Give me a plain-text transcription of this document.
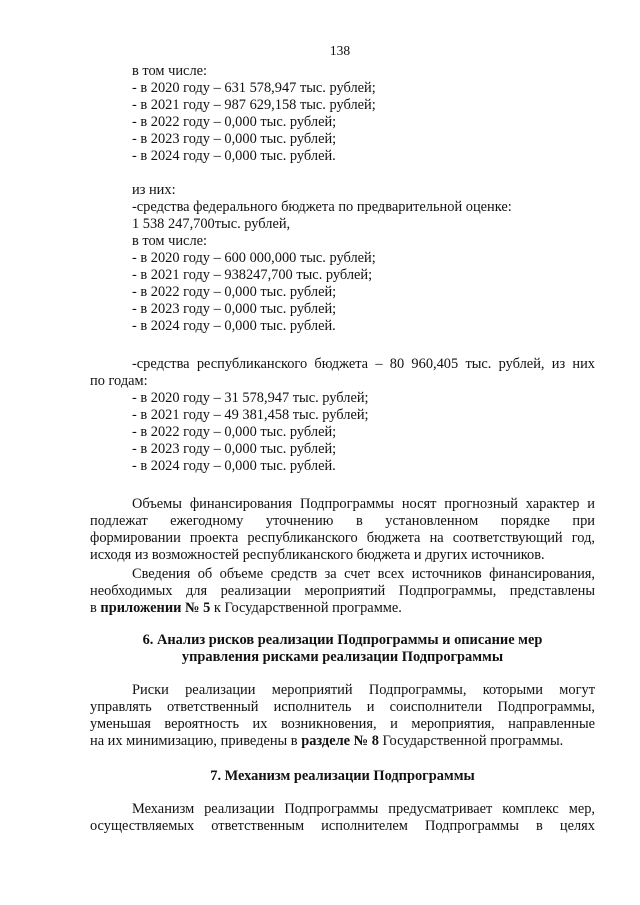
138
в том числе:
- в 2020 году – 631 578,947 тыс. рублей;
- в 2021 году – 987 629,158 тыс. рублей;
- в 2022 году – 0,000 тыс. рублей;
- в 2023 году – 0,000 тыс. рублей;
- в 2024 году – 0,000 тыс. рублей.
из них:
-средства федерального бюджета по предварительной оценке:
1 538 247,700тыс. рублей,
в том числе:
- в 2020 году – 600 000,000 тыс. рублей;
- в 2021 году – 938247,700 тыс. рублей;
- в 2022 году – 0,000 тыс. рублей;
- в 2023 году – 0,000 тыс. рублей;
- в 2024 году – 0,000 тыс. рублей.
-средства республиканского бюджета – 80 960,405 тыс. рублей, из них
по годам:
- в 2020 году – 31 578,947 тыс. рублей;
- в 2021 году – 49 381,458 тыс. рублей;
- в 2022 году – 0,000 тыс. рублей;
- в 2023 году – 0,000 тыс. рублей;
- в 2024 году – 0,000 тыс. рублей.
Объемы финансирования Подпрограммы носят прогнозный характер и
подлежат ежегодному уточнению в установленном порядке при
формировании проекта республиканского бюджета на соответствующий год,
исходя из возможностей республиканского бюджета и других источников.
Сведения об объеме средств за счет всех источников финансирования,
необходимых для реализации мероприятий Подпрограммы, представлены
в приложении № 5 к Государственной программе.
6. Анализ рисков реализации Подпрограммы и описание мер
управления рисками реализации Подпрограммы
Риски реализации мероприятий Подпрограммы, которыми могут
управлять ответственный исполнитель и соисполнители Подпрограммы,
уменьшая вероятность их возникновения, и мероприятия, направленные
на их минимизацию, приведены в разделе № 8 Государственной программы.
7. Механизм реализации Подпрограммы
Механизм реализации Подпрограммы предусматривает комплекс мер,
осуществляемых ответственным исполнителем Подпрограммы в целях
